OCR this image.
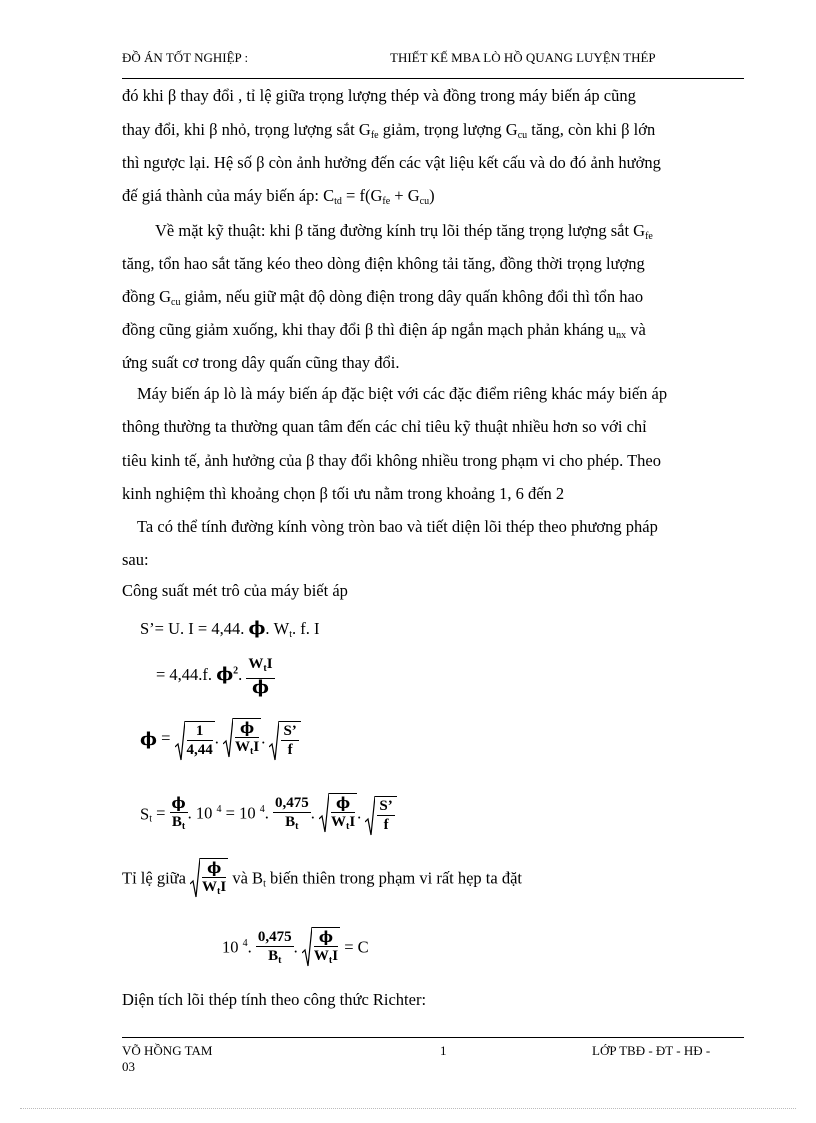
ĐỒ ÁN TỐT NGHIỆP :	THIẾT KẾ MBA LÒ HỒ QUANG LUYỆN THÉP
đó khi β thay đổi , tỉ lệ giữa trọng lượng thép và đồng trong máy biến áp cũng
thay đổi, khi β nhỏ, trọng lượng sắt $G_{fe}$ giảm, trọng lượng $G_{cu}$ tăng, còn khi β lớn
thì ngược lại. Hệ số β còn ảnh hưởng đến các vật liệu kết cấu và do đó ảnh hưởng
đế giá thành của máy biến áp: $C_{td} = f(G_{fe} + G_{cu})$
Về mặt kỹ thuật: khi β tăng đường kính trụ lõi thép tăng trọng lượng sắt $G_{fe}$
tăng, tổn hao sắt tăng kéo theo dòng điện không tải tăng, đồng thời trọng lượng
đồng $G_{cu}$ giảm, nếu giữ mật độ dòng điện trong dây quấn không đổi thì tổn hao
đồng cũng giảm xuống, khi thay đổi β thì điện áp ngắn mạch phản kháng $u_{nx}$ và
ứng suất cơ trong dây quấn cũng thay đổi.
Máy biến áp lò là máy biến áp đặc biệt với các đặc điểm riêng khác máy biến áp
thông thường ta thường quan tâm đến các chỉ tiêu kỹ thuật nhiều hơn so với chỉ
tiêu kinh tế, ảnh hưởng của β thay đổi không nhiều trong phạm vi cho phép. Theo
kinh nghiệm thì khoảng chọn β tối ưu nằm trong khoảng 1, 6 đến 2
Ta có thể tính đường kính vòng tròn bao và tiết diện lõi thép theo phương pháp
sau:
Công suất mét trô của máy biết áp
S’= U. I = 4,44. ϕ. $W_t$. f. I
= 4,44.f. $\phi^2$. $\frac{W_tI}{\phi}$
$\phi = \frac{1}{4,44}$ . $\frac{\phi}{W_tI}$ . $\frac{S’}{f}$
$S_t = \frac{\phi}{B_t}$ . 10 $^4$ = 10 $^4$. $\frac{0,475}{B_t}$ . $\frac{\phi}{W_tI}$ . $\frac{S’}{f}$
Tỉ lệ giữa $\frac{\phi}{W_tI}$ và $B_t$ biến thiên trong phạm vi rất hẹp ta đặt
10 $^4$. $\frac{0,475}{B_t}$ . $\frac{\phi}{W_tI} = C$
Diện tích lõi thép tính theo công thức Richter:
VÕ HỒNG TAM
03
1	LỚP TBĐ - ĐT - HĐ -
